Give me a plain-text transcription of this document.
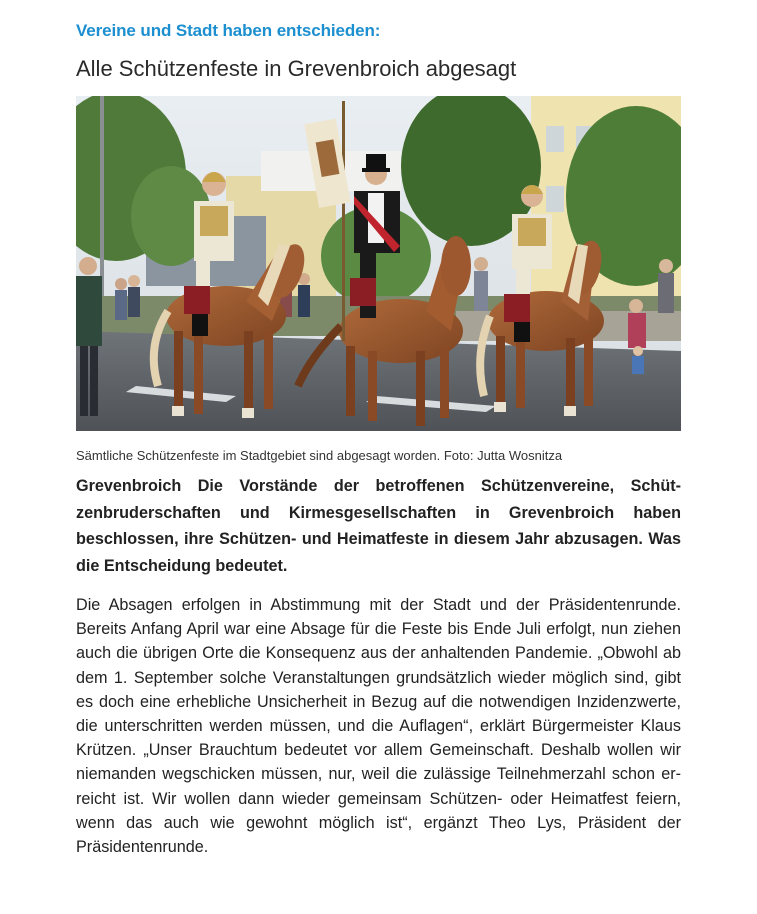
Vereine und Stadt haben entschieden:

Alle Schützenfeste in Grevenbroich abgesagt

Sämtliche Schützenfeste im Stadtgebiet sind abgesagt worden. Foto: Jutta Wosnitza

Grevenbroich Die Vorstände der betroffenen Schützenvereine, Schützenbruderschaften und Kirmesgesellschaften in Grevenbroich haben beschlossen, ihre Schützen- und Heimatfeste in diesem Jahr abzusagen. Was die Entscheidung bedeutet.

Die Absagen erfolgen in Abstimmung mit der Stadt und der Präsidentenrunde. Bereits Anfang April war eine Absage für die Feste bis Ende Juli erfolgt, nun ziehen auch die übrigen Orte die Konsequenz aus der anhaltenden Pandemie. „Obwohl ab dem 1. September solche Veranstaltungen grundsätzlich wieder möglich sind, gibt es doch eine erhebliche Unsicherheit in Bezug auf die notwendigen Inzidenzwerte, die unterschritten werden müssen, und die Auflagen“, erklärt Bürgermeister Klaus Krützen. „Unser Brauchtum bedeutet vor allem Gemeinschaft. Deshalb wollen wir niemanden wegschicken müssen, nur, weil die zulässige Teilnehmerzahl schon erreicht ist. Wir wollen dann wieder gemeinsam Schützen- oder Heimatfest feiern, wenn das auch wie gewohnt möglich ist“, ergänzt Theo Lys, Präsident der Präsidentenrunde.
